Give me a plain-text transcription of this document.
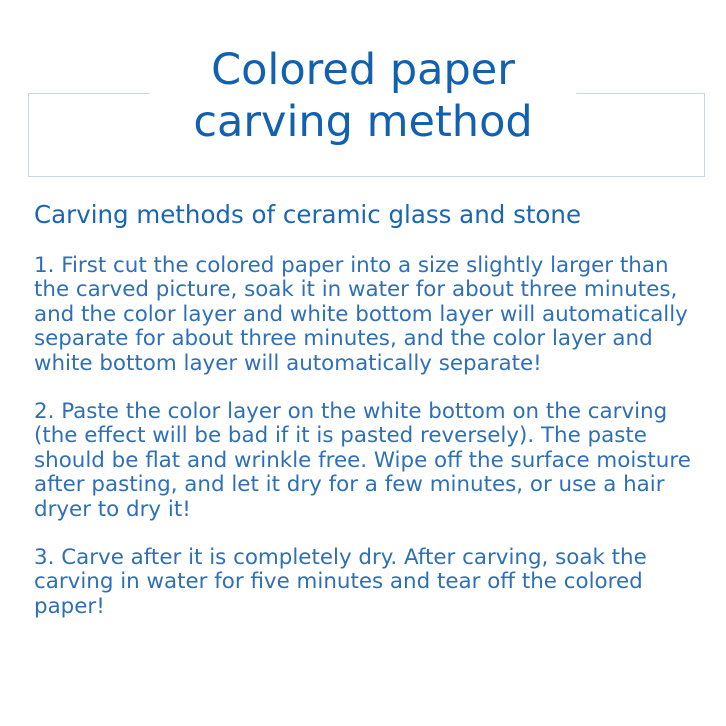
Colored paper
carving method
Carving methods of ceramic glass and stone
1. First cut the colored paper into a size slightly larger than the carved picture, soak it in water for about three minutes, and the color layer and white bottom layer will automatically separate for about three minutes, and the color layer and white bottom layer will automatically separate!
2. Paste the color layer on the white bottom on the carving (the effect will be bad if it is pasted reversely). The paste should be flat and wrinkle free. Wipe off the surface moisture after pasting, and let it dry for a few minutes, or use a hair dryer to dry it!
3. Carve after it is completely dry. After carving, soak the carving in water for five minutes and tear off the colored paper!
